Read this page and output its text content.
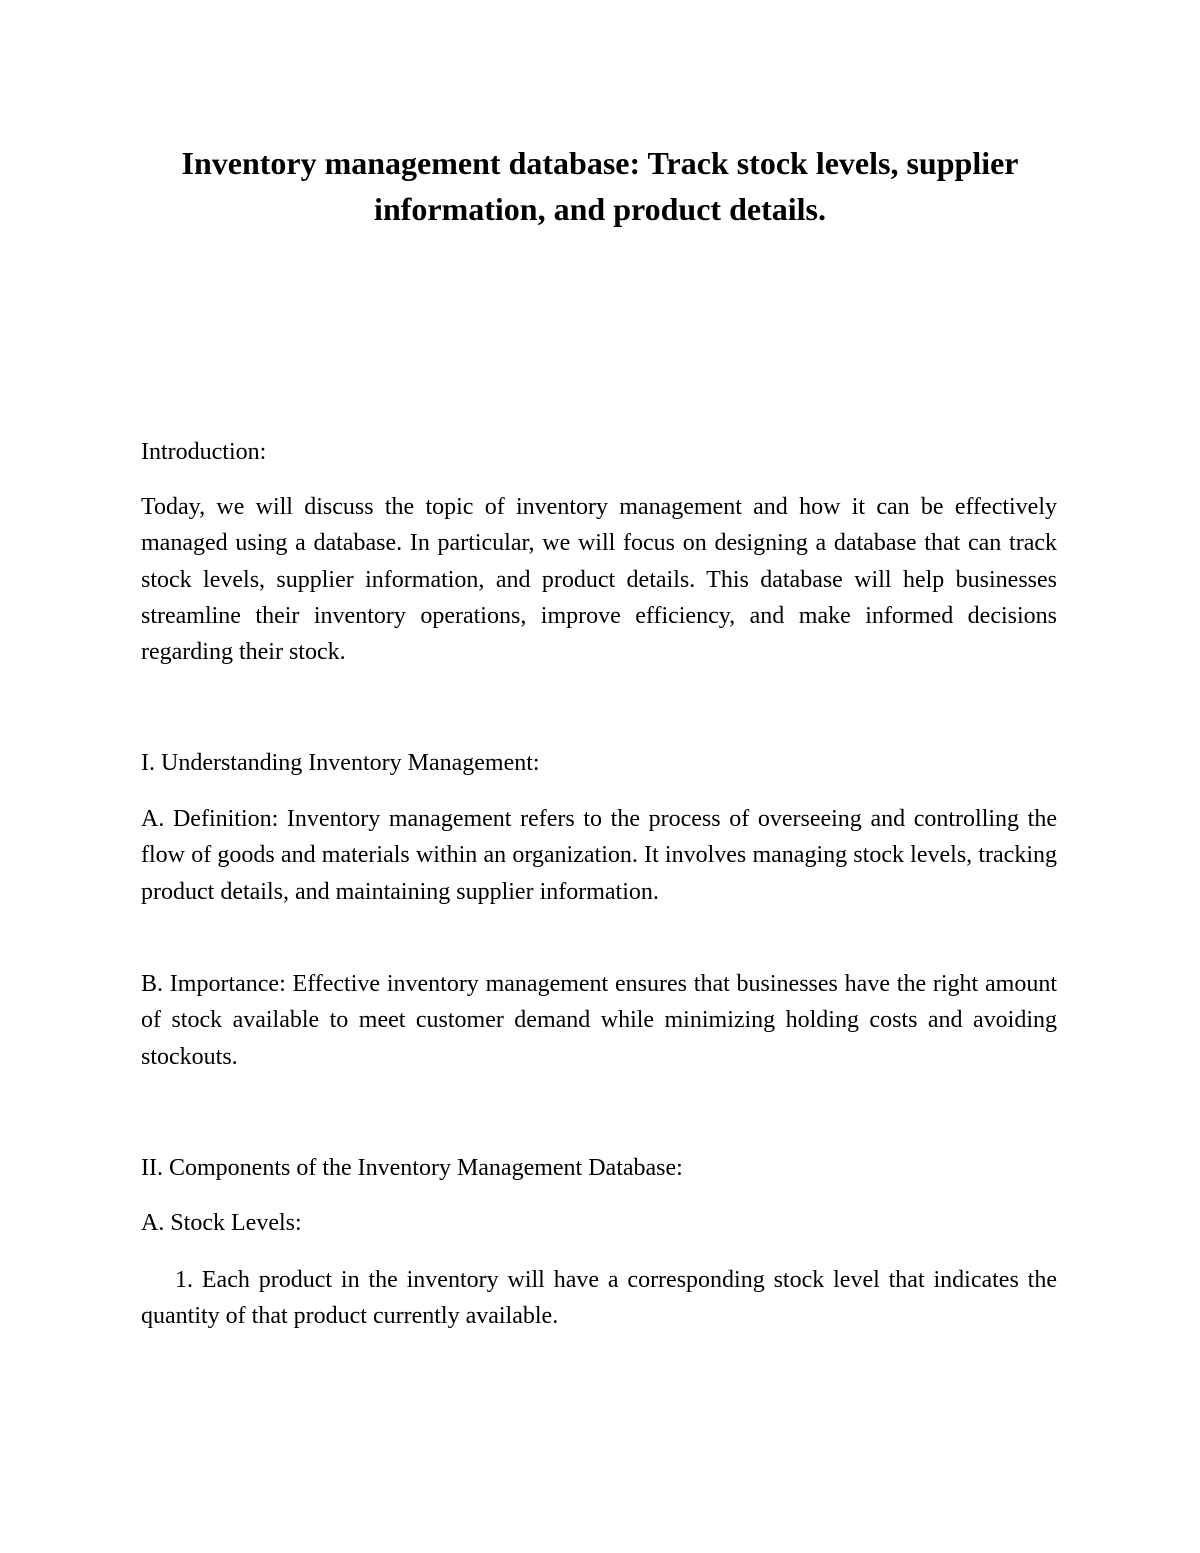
Inventory management database: Track stock levels, supplier information, and product details.

Introduction:

Today, we will discuss the topic of inventory management and how it can be effectively managed using a database. In particular, we will focus on designing a database that can track stock levels, supplier information, and product details. This database will help businesses streamline their inventory operations, improve efficiency, and make informed decisions regarding their stock.

I. Understanding Inventory Management:

A. Definition: Inventory management refers to the process of overseeing and controlling the flow of goods and materials within an organization. It involves managing stock levels, tracking product details, and maintaining supplier information.

B. Importance: Effective inventory management ensures that businesses have the right amount of stock available to meet customer demand while minimizing holding costs and avoiding stockouts.

II. Components of the Inventory Management Database:

A. Stock Levels:

1. Each product in the inventory will have a corresponding stock level that indicates the quantity of that product currently available.
